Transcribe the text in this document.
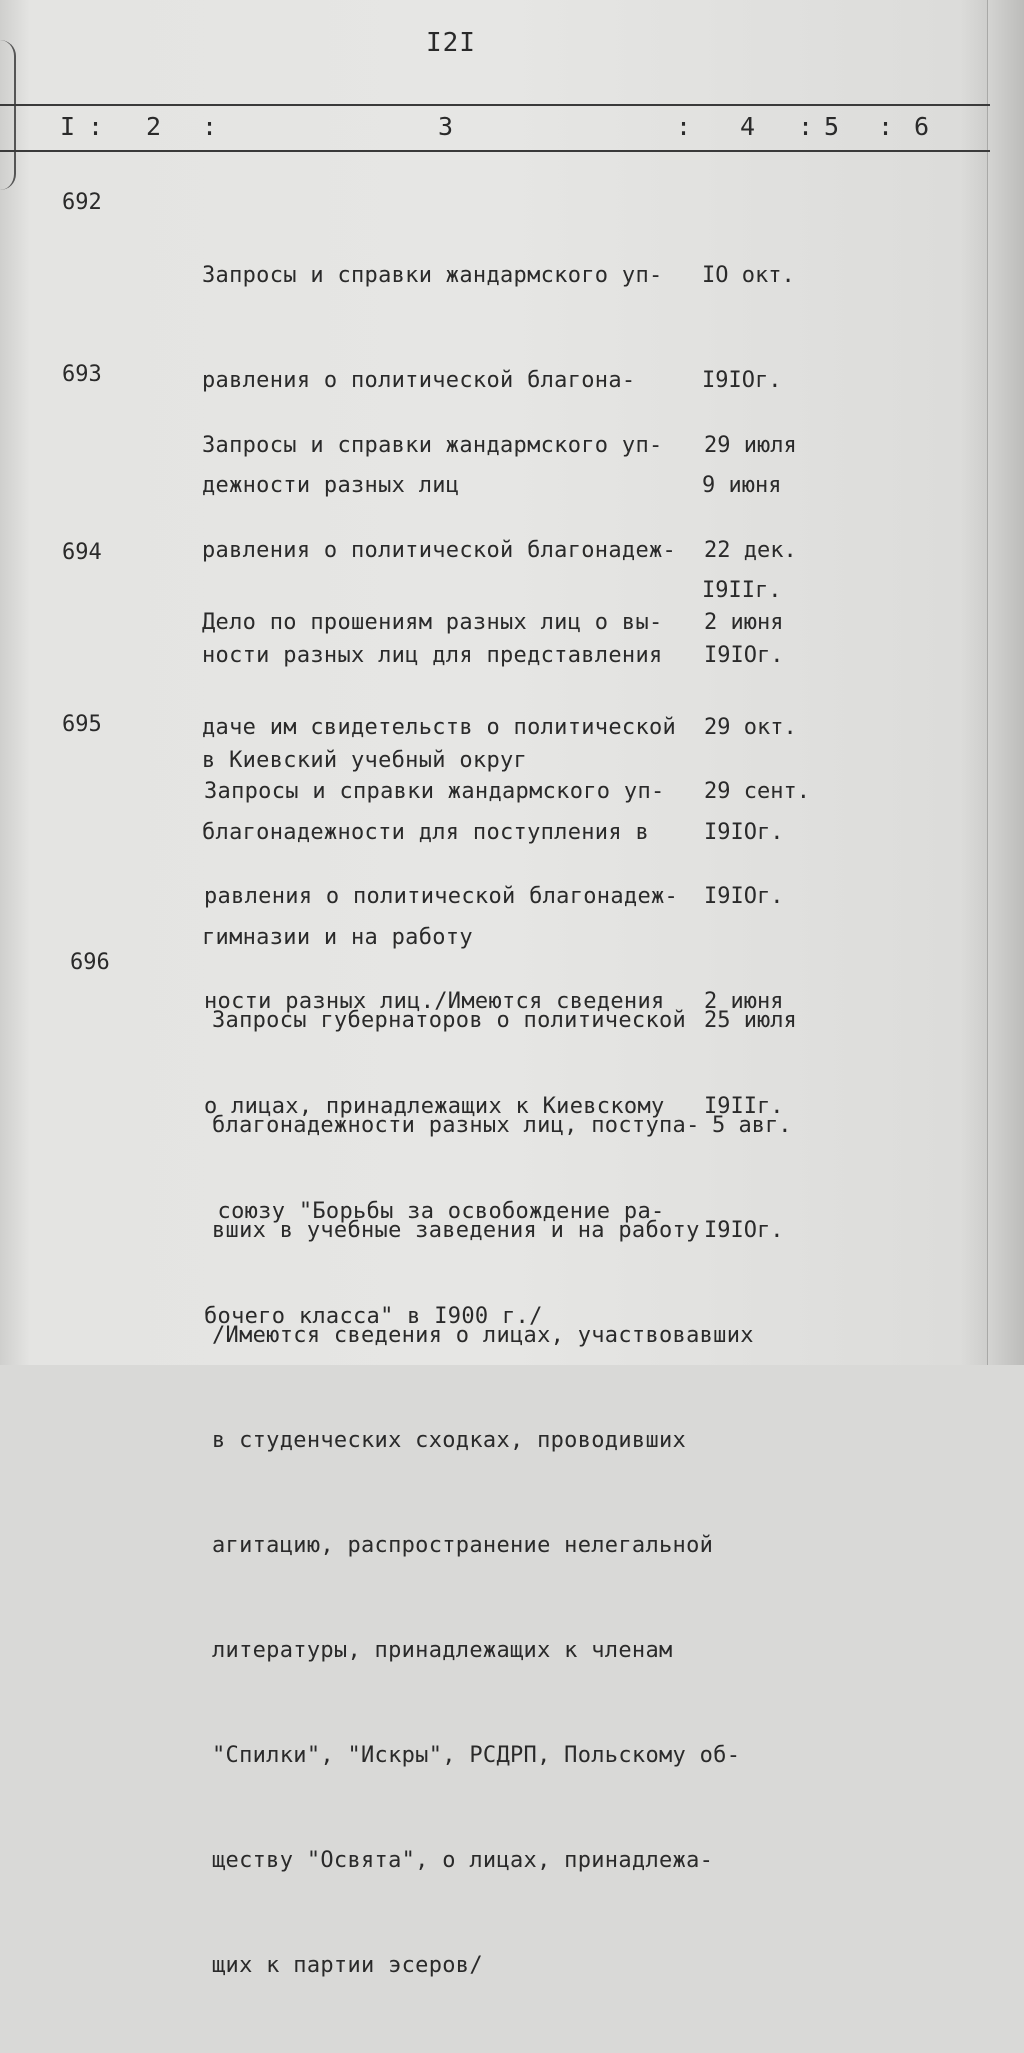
I2I
I : 2 :	3	: 4 : 5 : 6
692

Запросы и справки жандармского уп-

равления о политической благона-

дежности разных лиц

IO окт.

I9IOг.

9 июня

I9IIг.

693

Запросы и справки жандармского уп-

равления о политической благонадеж-

ности разных лиц для представления

в Киевский учебный округ

29 июля

22 дек.

I9IOг.

694

Дело по прошениям разных лиц о вы-

даче им свидетельств о политической

благонадежности для поступления в

гимназии и на работу

2 июня

29 окт.

I9IOг.

695

Запросы и справки жандармского уп-

равления о политической благонадеж-

ности разных лиц./Имеются сведения

о лицах, принадлежащих к Киевскому

союзу "Борьбы за освобождение ра-

бочего класса" в I900 г./

29 сент.

I9IOг.

2 июня

I9IIг.

696

Запросы губернаторов о политической

благонадежности разных лиц, поступа-

вших в учебные заведения и на работу

/Имеются сведения о лицах, участвовавших

в студенческих сходках, проводивших

агитацию, распространение нелегальной

литературы, принадлежащих к членам

"Спилки", "Искры", РСДРП, Польскому об-

ществу "Освята", о лицах, принадлежа-

щих к партии эсеров/

25 июля

5 авг.

I9IOг.
